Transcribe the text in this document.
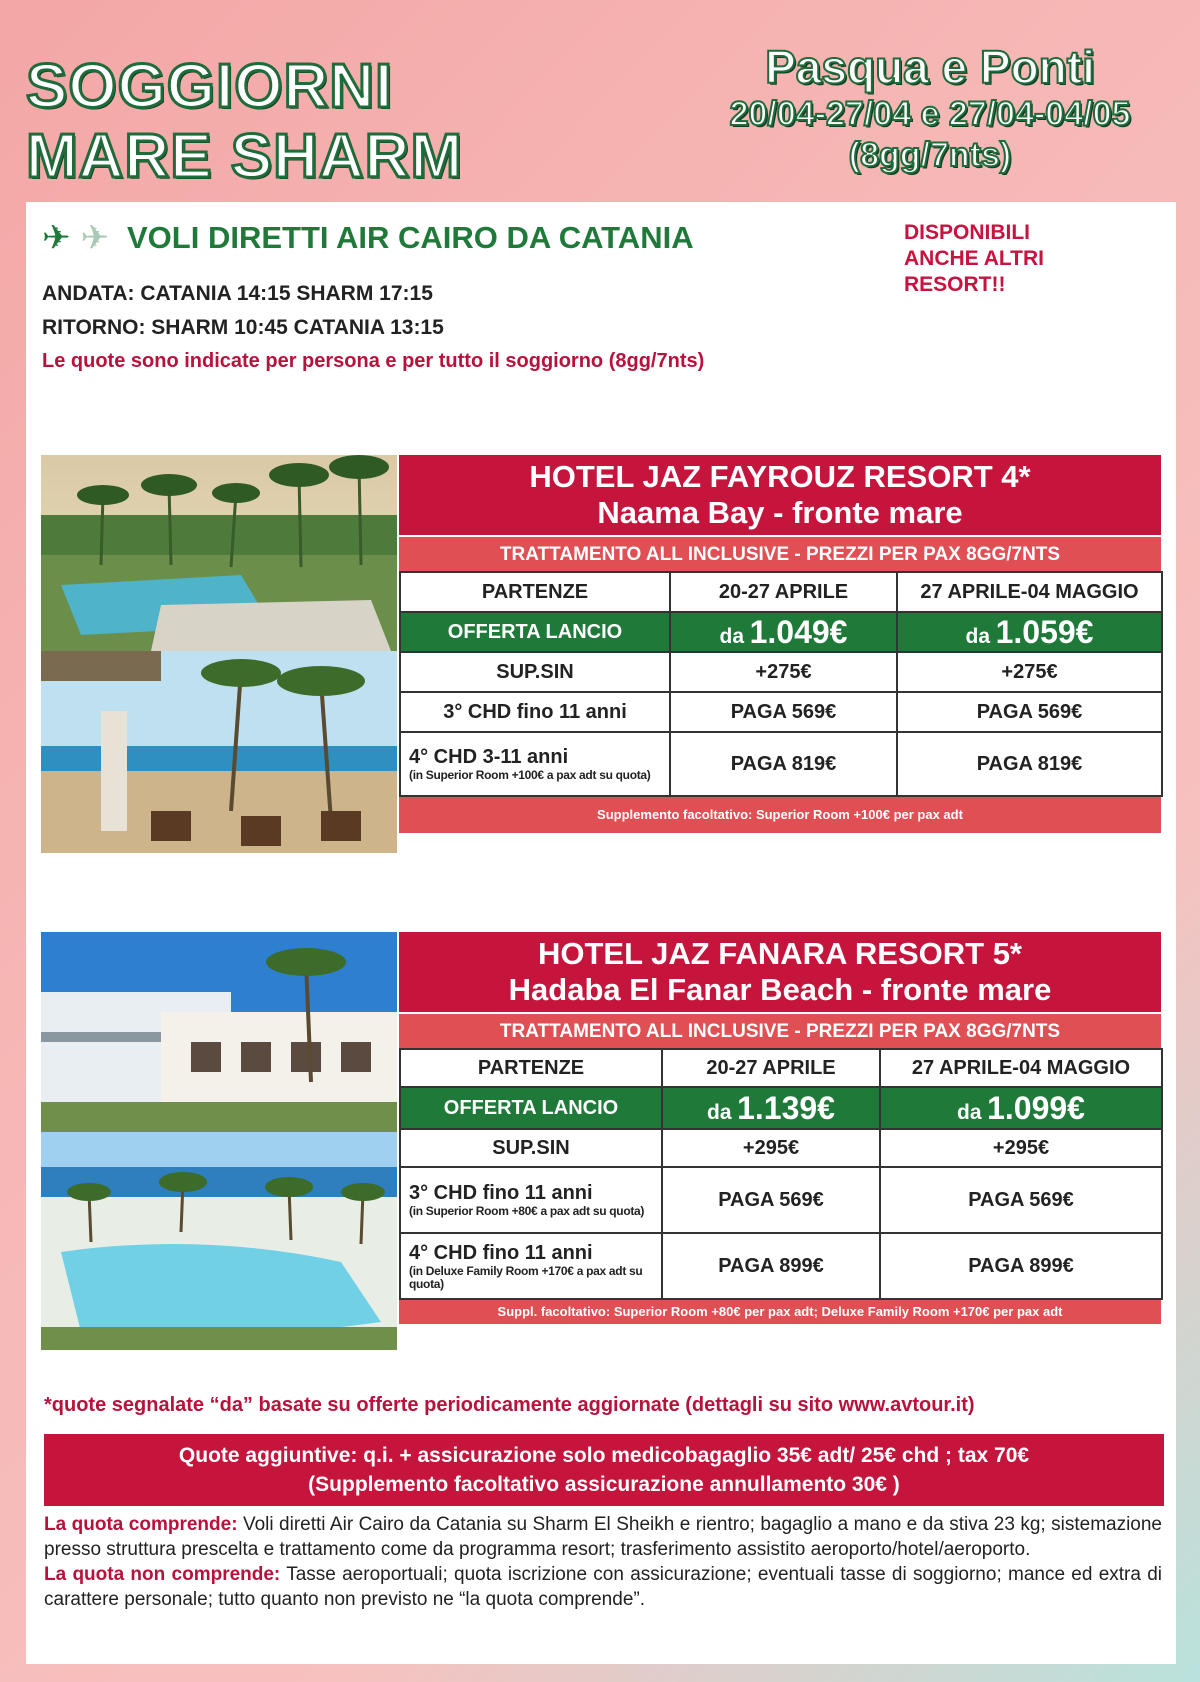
SOGGIORNI
MARE SHARM
Pasqua e Ponti
20/04-27/04 e 27/04-04/05
(8gg/7nts)
✈ ✈ VOLI DIRETTI AIR CAIRO DA CATANIA
ANDATA: CATANIA 14:15 SHARM 17:15
RITORNO: SHARM 10:45 CATANIA 13:15
Le quote sono indicate per persona e per tutto il soggiorno (8gg/7nts)
DISPONIBILI
ANCHE ALTRI
RESORT!!
HOTEL JAZ FAYROUZ RESORT 4*
Naama Bay - fronte mare
TRATTAMENTO ALL INCLUSIVE - PREZZI PER PAX 8GG/7NTS
PARTENZE	20-27 APRILE	27 APRILE-04 MAGGIO
OFFERTA LANCIO	da 1.049€	da 1.059€
SUP.SIN	+275€	+275€
3° CHD fino 11 anni	PAGA 569€	PAGA 569€

4° CHD 3-11 anni
(in Superior Room +100€ a pax adt su quota)	PAGA 819€	PAGA 819€
Supplemento facoltativo: Superior Room +100€ per pax adt
HOTEL JAZ FANARA RESORT 5*
Hadaba El Fanar Beach - fronte mare
TRATTAMENTO ALL INCLUSIVE - PREZZI PER PAX 8GG/7NTS
PARTENZE	20-27 APRILE	27 APRILE-04 MAGGIO
OFFERTA LANCIO	da 1.139€	da 1.099€
SUP.SIN	+295€	+295€

3° CHD fino 11 anni
(in Superior Room +80€ a pax adt su quota)	PAGA 569€	PAGA 569€

4° CHD fino 11 anni
(in Deluxe Family Room +170€ a pax adt su quota)	PAGA 899€	PAGA 899€
Suppl. facoltativo: Superior Room +80€ per pax adt; Deluxe Family Room +170€ per pax adt
*quote segnalate “da” basate su offerte periodicamente aggiornate (dettagli su sito www.avtour.it)
Quote aggiuntive: q.i. + assicurazione solo medicobagaglio 35€ adt/ 25€ chd ; tax 70€
(Supplemento facoltativo assicurazione annullamento 30€ )
La quota comprende: Voli diretti Air Cairo da Catania su Sharm El Sheikh e rientro; bagaglio a mano e da stiva 23 kg; sistemazione presso struttura prescelta e trattamento come da programma resort; trasferimento assistito aeroporto/hotel/aeroporto.
La quota non comprende: Tasse aeroportuali; quota iscrizione con assicurazione; eventuali tasse di soggiorno; mance ed extra di carattere personale; tutto quanto non previsto ne “la quota comprende”.
